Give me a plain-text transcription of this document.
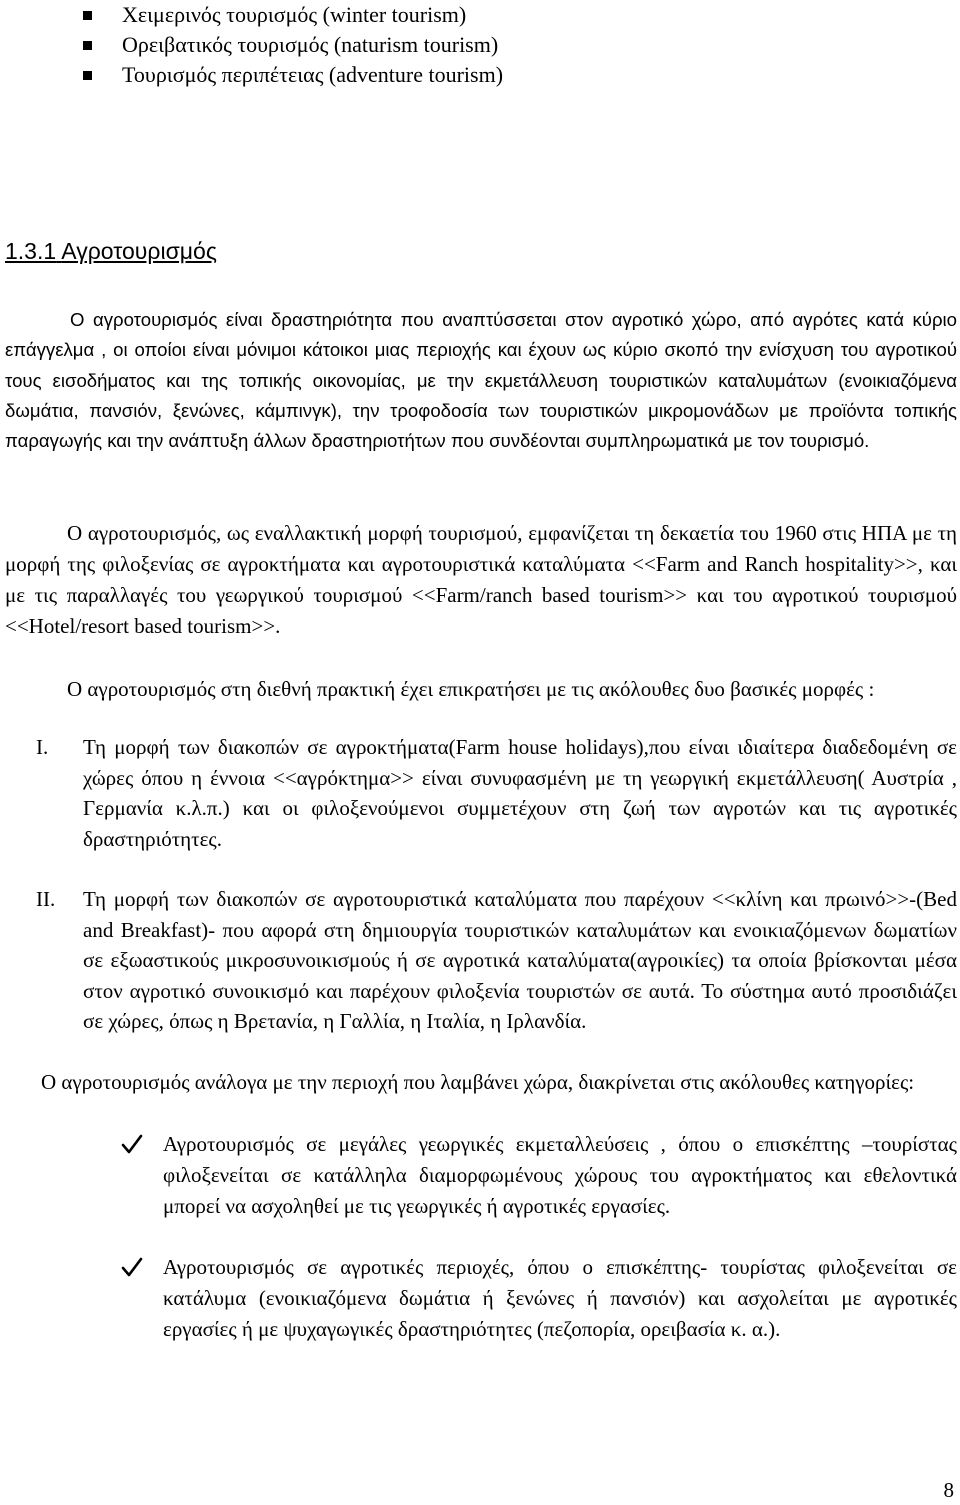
Χειμερινός τουρισμός (winter tourism)
Ορειβατικός τουρισμός (naturism tourism)
Τουρισμός περιπέτειας (adventure tourism)
1.3.1 Αγροτουρισμός

Ο αγροτουρισμός είναι δραστηριότητα που αναπτύσσεται στον αγροτικό χώρο, από αγρότες κατά κύριο επάγγελμα , οι οποίοι είναι μόνιμοι κάτοικοι μιας περιοχής και έχουν ως κύριο σκοπό την ενίσχυση του αγροτικού τους εισοδήματος και της τοπικής οικονομίας, με την εκμετάλλευση τουριστικών καταλυμάτων (ενοικιαζόμενα δωμάτια, πανσιόν, ξενώνες, κάμπινγκ), την τροφοδοσία των τουριστικών μικρομονάδων με προϊόντα τοπικής παραγωγής και την ανάπτυξη άλλων δραστηριοτήτων που συνδέονται συμπληρωματικά με τον τουρισμό.

Ο αγροτουρισμός, ως εναλλακτική μορφή τουρισμού, εμφανίζεται τη δεκαετία του 1960 στις ΗΠΑ με τη μορφή της φιλοξενίας σε αγροκτήματα και αγροτουριστικά καταλύματα <<Farm and Ranch hospitality>>, και με τις παραλλαγές του γεωργικού τουρισμού <<Farm/ranch based tourism>> και του αγροτικού τουρισμού <<Hotel/resort based tourism>>.

Ο αγροτουρισμός στη διεθνή πρακτική έχει επικρατήσει με τις ακόλουθες δυο βασικές μορφές :

I. Τη μορφή των διακοπών σε αγροκτήματα(Farm house holidays),που είναι ιδιαίτερα διαδεδομένη σε χώρες όπου η έννοια <<αγρόκτημα>> είναι συνυφασμένη με τη γεωργική εκμετάλλευση( Αυστρία , Γερμανία κ.λ.π.) και οι φιλοξενούμενοι συμμετέχουν στη ζωή των αγροτών και τις αγροτικές δραστηριότητες.

II. Τη μορφή των διακοπών σε αγροτουριστικά καταλύματα που παρέχουν <<κλίνη και πρωινό>>-(Bed and Breakfast)- που αφορά στη δημιουργία τουριστικών καταλυμάτων και ενοικιαζόμενων δωματίων σε εξωαστικούς μικροσυνοικισμούς ή σε αγροτικά καταλύματα(αγροικίες) τα οποία βρίσκονται μέσα στον αγροτικό συνοικισμό και παρέχουν φιλοξενία τουριστών σε αυτά. Το σύστημα αυτό προσιδιάζει σε χώρες, όπως η Βρετανία, η Γαλλία, η Ιταλία, η Ιρλανδία.

Ο αγροτουρισμός ανάλογα με την περιοχή που λαμβάνει χώρα, διακρίνεται στις ακόλουθες κατηγορίες:

Αγροτουρισμός σε μεγάλες γεωργικές εκμεταλλεύσεις , όπου ο επισκέπτης –τουρίστας φιλοξενείται σε κατάλληλα διαμορφωμένους χώρους του αγροκτήματος και εθελοντικά μπορεί να ασχοληθεί με τις γεωργικές ή αγροτικές εργασίες.

Αγροτουρισμός σε αγροτικές περιοχές, όπου ο επισκέπτης- τουρίστας φιλοξενείται σε κατάλυμα (ενοικιαζόμενα δωμάτια ή ξενώνες ή πανσιόν) και ασχολείται με αγροτικές εργασίες ή με ψυχαγωγικές δραστηριότητες (πεζοπορία, ορειβασία κ. α.).

8
